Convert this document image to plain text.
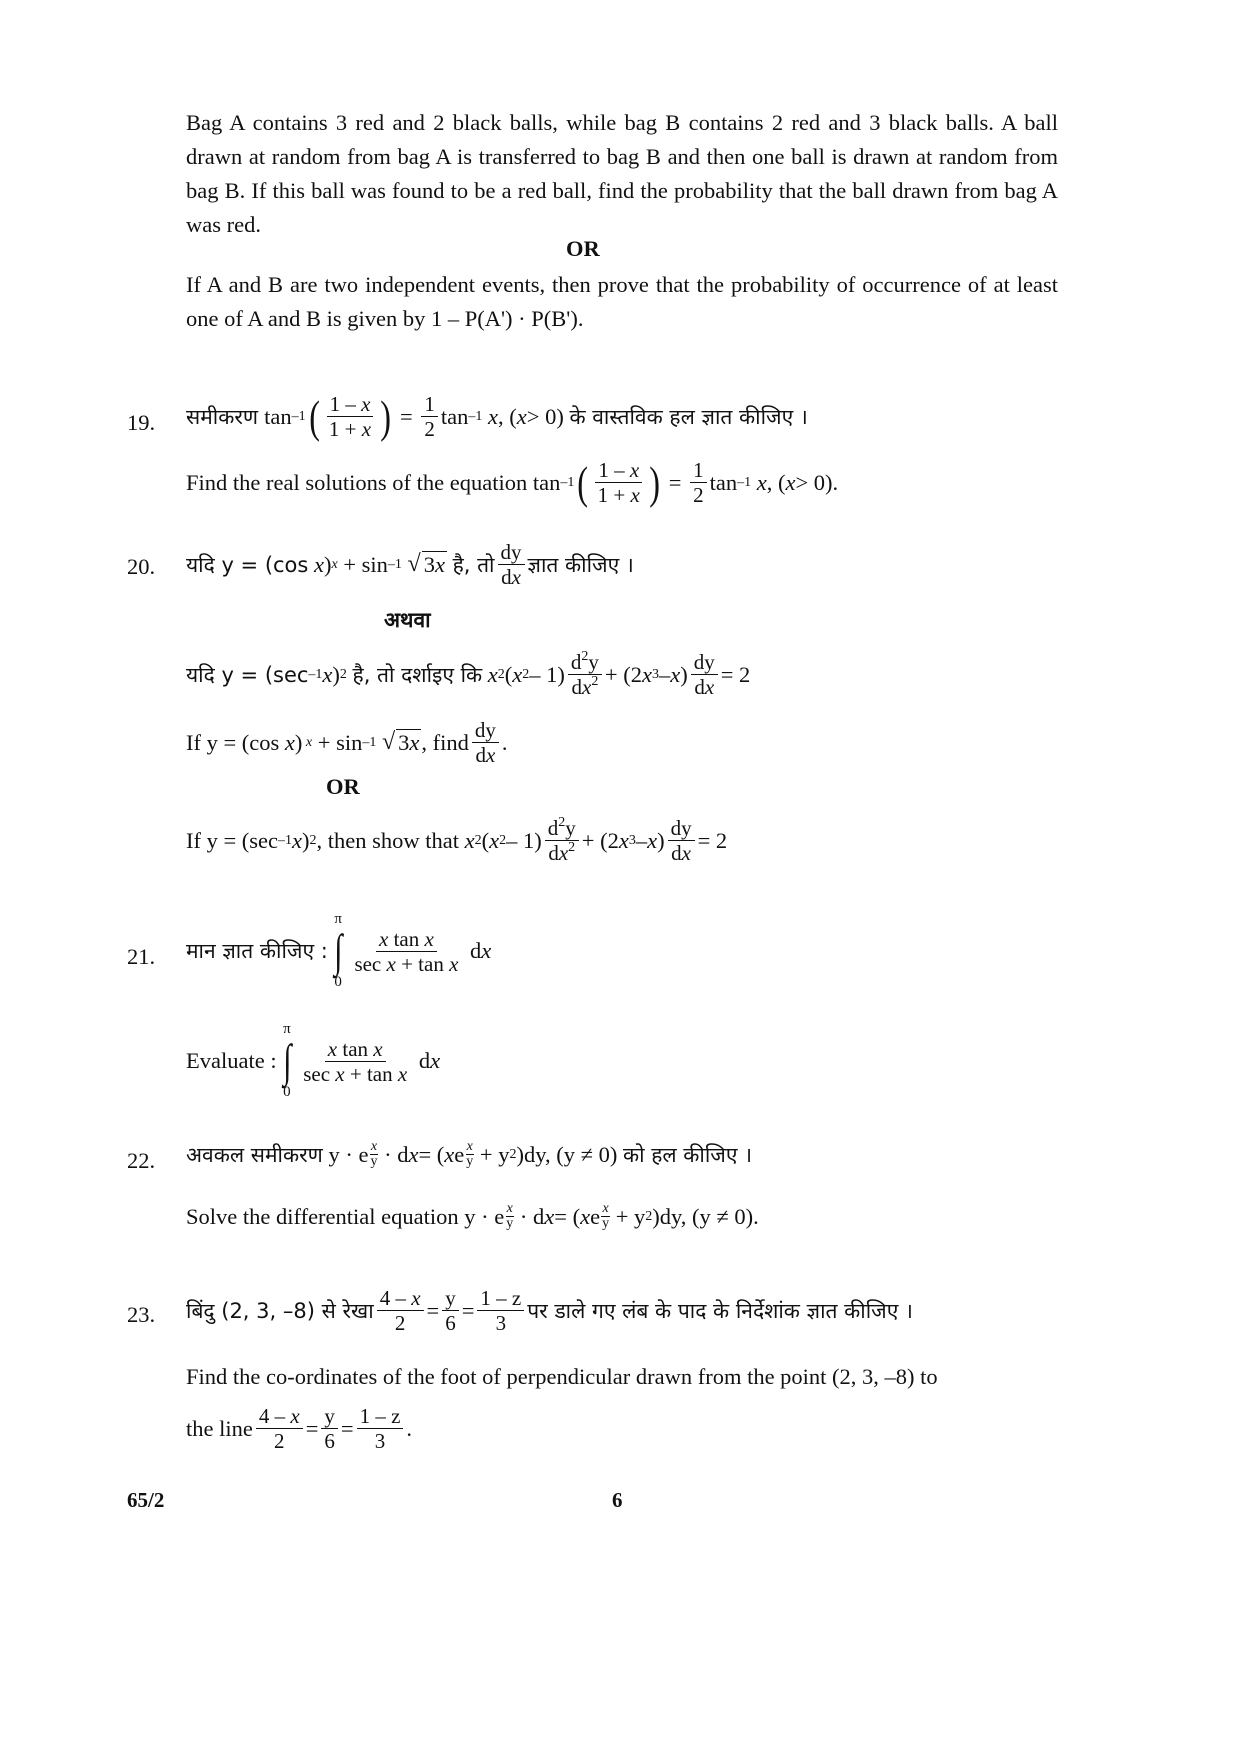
Bag A contains 3 red and 2 black balls, while bag B contains 2 red and 3 black balls. A ball drawn at random from bag A is transferred to bag B and then one ball is drawn at random from bag B. If this ball was found to be a red ball, find the probability that the ball drawn from bag A was red.
OR
If A and B are two independent events, then prove that the probability of occurrence of at least one of A and B is given by 1 – P(A') · P(B').
19. समीकरण tan –1 ( $\frac{1 - x}{1 + x}$ ) = $\frac{1}{2}$ tan –1
x , ( x > 0) के वास्तविक हल ज्ञात कीजिए ।
Find the real solutions of the equation tan –1 ( $\frac{1 - x}{1 + x}$ ) = $\frac{1}{2}$ tan –1
x , ( x > 0) .
20. यदि y = (cos
x ) x + sin –1
√ 3x
है, तो $\frac{dy}{dx}$ ज्ञात कीजिए ।
अथवा
यदि y = (sec –1 x ) 2
है, तो दर्शाइए कि
x 2 ( x $2 - 1) \frac{d^2y}{dx^2} + (2$ x 3 – x ) $\frac{dy}{dx} = 2$
If y = (cos
x ) x + sin –1
√ 3x , find $\frac{dy}{dx}$ .
OR
If y = (sec –1 x ) 2 , then show that
x 2 ( x $2 - 1) \frac{d^2y}{dx^2} + (2$ x 3 – x ) $\frac{dy}{dx} = 2$
21. मान ज्ञात कीजिए :
π
∫
0
$\frac{\text{x tan x}}{\text{sec x + tan x}}$ d x
Evaluate :
π
∫
0
$\frac{\text{x tan x}}{\text{sec x + tan x}}$ d x
22. अवकल समीकरण y · e x
y · d x = ( x e x
y + y 2 )dy, (y ≠ 0) को हल कीजिए ।
Solve the differential equation y · e x
y · d x = ( x e x
y + y 2 )dy, (y ≠ 0).
23. बिंदु (2, 3, –8) से रेखा $\frac{4 - x}{2} = \frac{y}{6} = \frac{1 - z}{3}$ पर डाले गए लंब के पाद के निर्देशांक ज्ञात कीजिए ।
Find the co-ordinates of the foot of perpendicular drawn from the point (2, 3, –8) to
the line $\frac{4 - x}{2} = \frac{y}{6} = \frac{1 - z}{3}$ .
65/2	6
